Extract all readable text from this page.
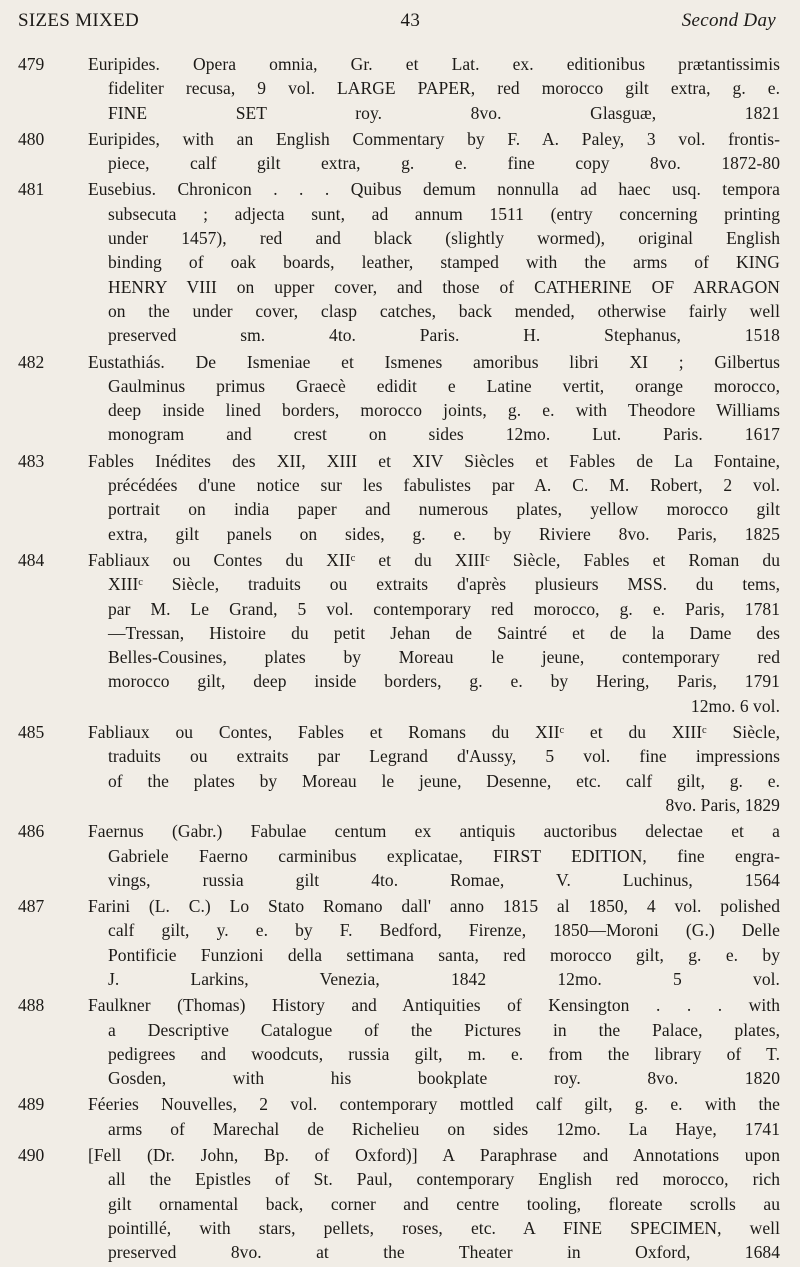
SIZES MIXED	43	Second Day
479	Euripides. Opera omnia, Gr. et Lat. ex. editionibus prætantissimis
fideliter recusa, 9 vol. LARGE PAPER, red morocco gilt extra, g. e.
FINE SET roy. 8vo. Glasguæ, 1821
480	Euripides, with an English Commentary by F. A. Paley, 3 vol. frontis-
piece, calf gilt extra, g. e. fine copy 8vo. 1872-80
481	Eusebius. Chronicon . . . Quibus demum nonnulla ad haec usq. tempora
subsecuta ; adjecta sunt, ad annum 1511 (entry concerning printing
under 1457), red and black (slightly wormed), original English
binding of oak boards, leather, stamped with the arms of KING
HENRY VIII on upper cover, and those of CATHERINE OF ARRAGON
on the under cover, clasp catches, back mended, otherwise fairly well
preserved sm. 4to. Paris. H. Stephanus, 1518
482	Eustathiás. De Ismeniae et Ismenes amoribus libri XI ; Gilbertus
Gaulminus primus Graecè edidit e Latine vertit, orange morocco,
deep inside lined borders, morocco joints, g. e. with Theodore Williams
monogram and crest on sides 12mo. Lut. Paris. 1617
483	Fables Inédites des XII, XIII et XIV Siècles et Fables de La Fontaine,
précédées d'une notice sur les fabulistes par A. C. M. Robert, 2 vol.
portrait on india paper and numerous plates, yellow morocco gilt
extra, gilt panels on sides, g. e. by Riviere 8vo. Paris, 1825
484	Fabliaux ou Contes du XIIᶜ et du XIIIᶜ Siècle, Fables et Roman du
XIIIᶜ Siècle, traduits ou extraits d'après plusieurs MSS. du tems,
par M. Le Grand, 5 vol. contemporary red morocco, g. e. Paris, 1781
—Tressan, Histoire du petit Jehan de Saintré et de la Dame des
Belles-Cousines, plates by Moreau le jeune, contemporary red
morocco gilt, deep inside borders, g. e. by Hering, Paris, 1791
12mo. 6 vol.
485	Fabliaux ou Contes, Fables et Romans du XIIᶜ et du XIIIᶜ Siècle,
traduits ou extraits par Legrand d'Aussy, 5 vol. fine impressions
of the plates by Moreau le jeune, Desenne, etc. calf gilt, g. e.
8vo. Paris, 1829
486	Faernus (Gabr.) Fabulae centum ex antiquis auctoribus delectae et a
Gabriele Faerno carminibus explicatae, FIRST EDITION, fine engra-
vings, russia gilt 4to. Romae, V. Luchinus, 1564
487	Farini (L. C.) Lo Stato Romano dall' anno 1815 al 1850, 4 vol. polished
calf gilt, y. e. by F. Bedford, Firenze, 1850—Moroni (G.) Delle
Pontificie Funzioni della settimana santa, red morocco gilt, g. e. by
J. Larkins, Venezia, 1842 12mo. 5 vol.
488	Faulkner (Thomas) History and Antiquities of Kensington . . . with
a Descriptive Catalogue of the Pictures in the Palace, plates,
pedigrees and woodcuts, russia gilt, m. e. from the library of T.
Gosden, with his bookplate roy. 8vo. 1820
489	Féeries Nouvelles, 2 vol. contemporary mottled calf gilt, g. e. with the
arms of Marechal de Richelieu on sides 12mo. La Haye, 1741
490	[Fell (Dr. John, Bp. of Oxford)] A Paraphrase and Annotations upon
all the Epistles of St. Paul, contemporary English red morocco, rich
gilt ornamental back, corner and centre tooling, floreate scrolls au
pointillé, with stars, pellets, roses, etc. A FINE SPECIMEN, well
preserved 8vo. at the Theater in Oxford, 1684
